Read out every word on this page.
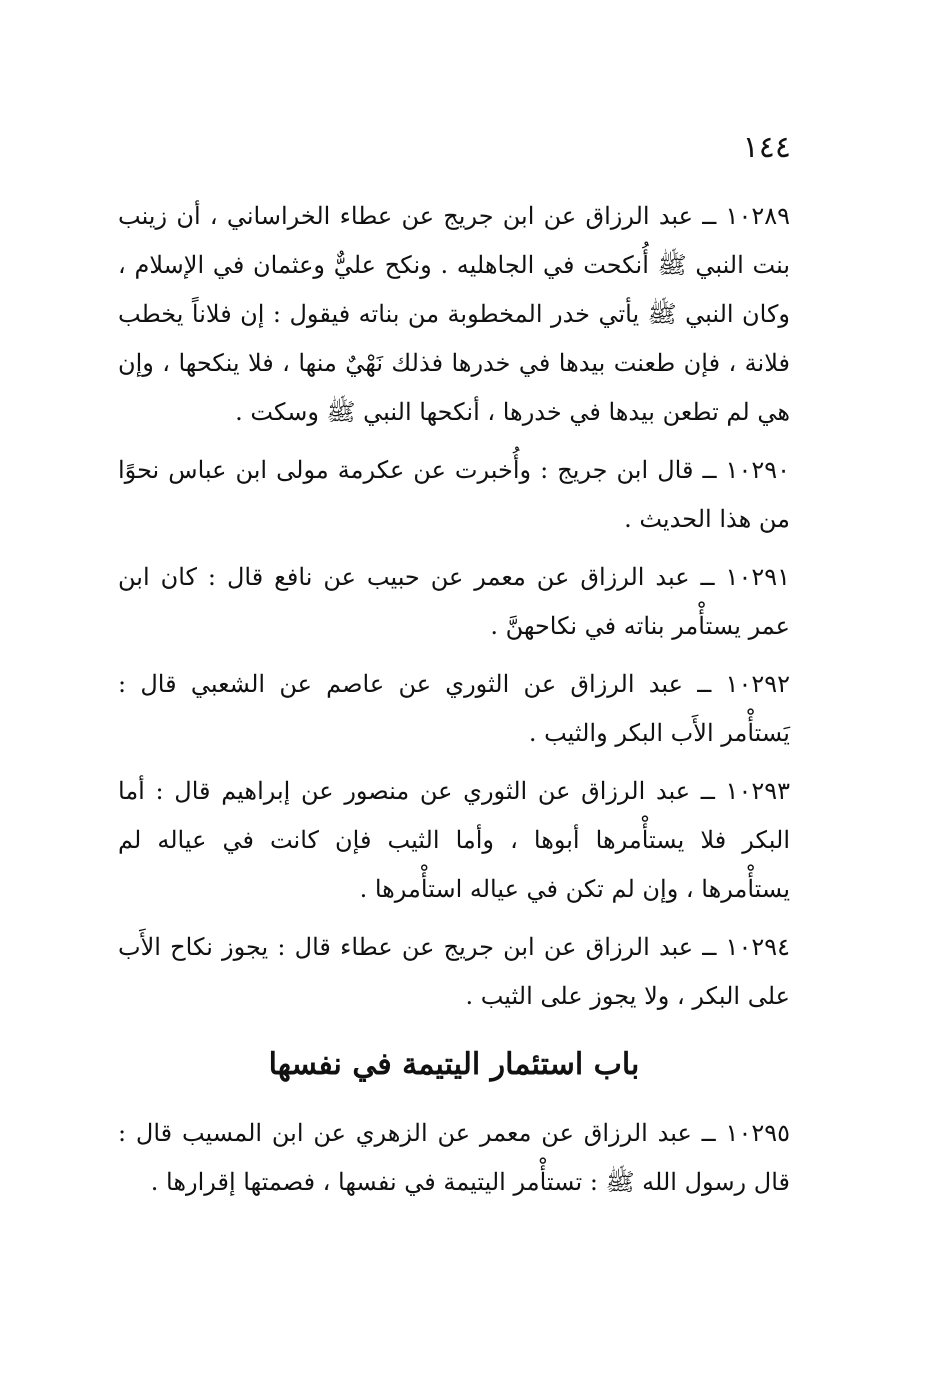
١٤٤

١٠٢٨٩ ــ عبد الرزاق عن ابن جريج عن عطاء الخراساني ، أن زينب بنت النبي ﷺ أُنكحت في الجاهليه . ونكح عليٌّ وعثمان في الإسلام ، وكان النبي ﷺ يأتي خدر المخطوبة من بناته فيقول : إن فلاناً يخطب فلانة ، فإن طعنت بيدها في خدرها فذلك نَهْيٌ منها ، فلا ينكحها ، وإن هي لم تطعن بيدها في خدرها ، أنكحها النبي ﷺ وسكت .

١٠٢٩٠ ــ قال ابن جريج : وأُخبرت عن عكرمة مولى ابن عباس نحوًا من هذا الحديث .

١٠٢٩١ ــ عبد الرزاق عن معمر عن حبيب عن نافع قال : كان ابن عمر يستأْمر بناته في نكاحهنَّ .

١٠٢٩٢ ــ عبد الرزاق عن الثوري عن عاصم عن الشعبي قال : يَستأْمر الأَب البكر والثيب .

١٠٢٩٣ ــ عبد الرزاق عن الثوري عن منصور عن إبراهيم قال : أما البكر فلا يستأْمرها أبوها ، وأما الثيب فإن كانت في عياله لم يستأْمرها ، وإن لم تكن في عياله استأْمرها .

١٠٢٩٤ ــ عبد الرزاق عن ابن جريج عن عطاء قال : يجوز نكاح الأَب على البكر ، ولا يجوز على الثيب .

باب استئمار اليتيمة في نفسها

١٠٢٩٥ ــ عبد الرزاق عن معمر عن الزهري عن ابن المسيب قال : قال رسول الله ﷺ : تستأْمر اليتيمة في نفسها ، فصمتها إقرارها .
